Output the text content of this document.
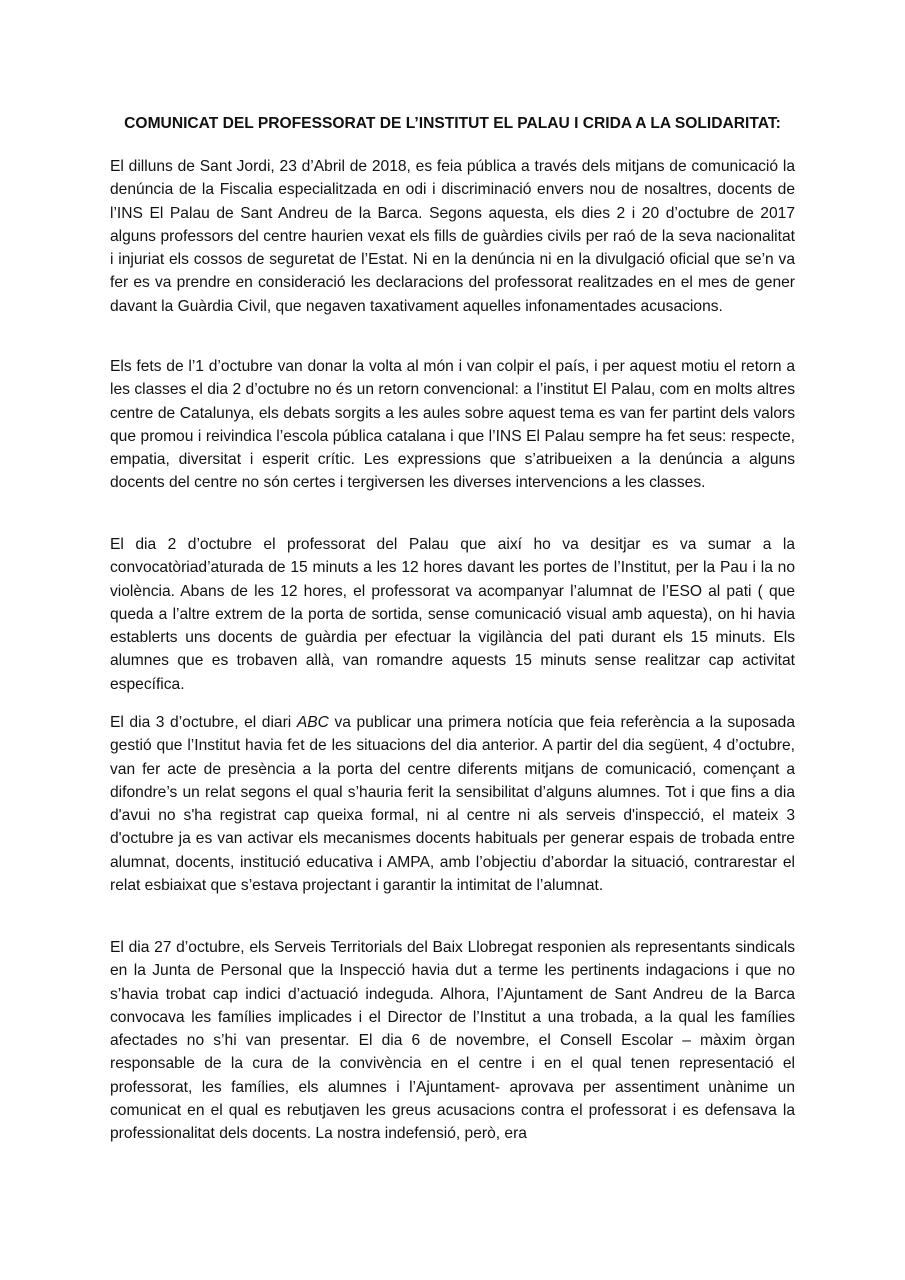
COMUNICAT DEL PROFESSORAT DE L’INSTITUT EL PALAU I CRIDA A LA SOLIDARITAT:

El dilluns de Sant Jordi, 23 d’Abril de 2018, es feia pública a través dels mitjans de comunicació la denúncia de la Fiscalia especialitzada en odi i discriminació envers nou de nosaltres, docents de l’INS El Palau de Sant Andreu de la Barca. Segons aquesta, els dies 2 i 20 d’octubre de 2017 alguns professors del centre haurien vexat els fills de guàrdies civils per raó de la seva nacionalitat i injuriat els cossos de seguretat de l’Estat. Ni en la denúncia ni en la divulgació oficial que se’n va fer es va prendre en consideració les declaracions del professorat realitzades en el mes de gener davant la Guàrdia Civil, que negaven taxativament aquelles infonamentades acusacions.

Els fets de l’1 d’octubre van donar la volta al món i van colpir el país, i per aquest motiu el retorn a les classes el dia 2 d’octubre no és un retorn convencional: a l’institut El Palau, com en molts altres centre de Catalunya, els debats sorgits a les aules sobre aquest tema es van fer partint dels valors que promou i reivindica l’escola pública catalana i que l’INS El Palau sempre ha fet seus: respecte, empatia, diversitat i esperit crític. Les expressions que s’atribueixen a la denúncia a alguns docents del centre no són certes i tergiversen les diverses intervencions a les classes.

El dia 2 d’octubre el professorat del Palau que així ho va desitjar es va sumar a la convocatòriad’aturada de 15 minuts a les 12 hores davant les portes de l’Institut, per la Pau i la no violència. Abans de les 12 hores, el professorat va acompanyar l’alumnat de l’ESO al pati ( que queda a l’altre extrem de la porta de sortida, sense comunicació visual amb aquesta), on hi havia establerts uns docents de guàrdia per efectuar la vigilància del pati durant els 15 minuts. Els alumnes que es trobaven allà, van romandre aquests 15 minuts sense realitzar cap activitat específica.

El dia 3 d’octubre, el diari ABC va publicar una primera notícia que feia referència a la suposada gestió que l’Institut havia fet de les situacions del dia anterior. A partir del dia següent, 4 d’octubre, van fer acte de presència a la porta del centre diferents mitjans de comunicació, començant a difondre’s un relat segons el qual s’hauria ferit la sensibilitat d’alguns alumnes. Tot i que fins a dia d'avui no s'ha registrat cap queixa formal, ni al centre ni als serveis d'inspecció, el mateix 3 d'octubre ja es van activar els mecanismes docents habituals per generar espais de trobada entre alumnat, docents, institució educativa i AMPA, amb l’objectiu d’abordar la situació, contrarestar el relat esbiaixat que s’estava projectant i garantir la intimitat de l’alumnat.

El dia 27 d’octubre, els Serveis Territorials del Baix Llobregat responien als representants sindicals en la Junta de Personal que la Inspecció havia dut a terme les pertinents indagacions i que no s’havia trobat cap indici d’actuació indeguda. Alhora, l’Ajuntament de Sant Andreu de la Barca convocava les famílies implicades i el Director de l’Institut a una trobada, a la qual les famílies afectades no s’hi van presentar. El dia 6 de novembre, el Consell Escolar – màxim òrgan responsable de la cura de la convivència en el centre i en el qual tenen representació el professorat, les famílies, els alumnes i l’Ajuntament- aprovava per assentiment unànime un comunicat en el qual es rebutjaven les greus acusacions contra el professorat i es defensava la professionalitat dels docents. La nostra indefensió, però, era
